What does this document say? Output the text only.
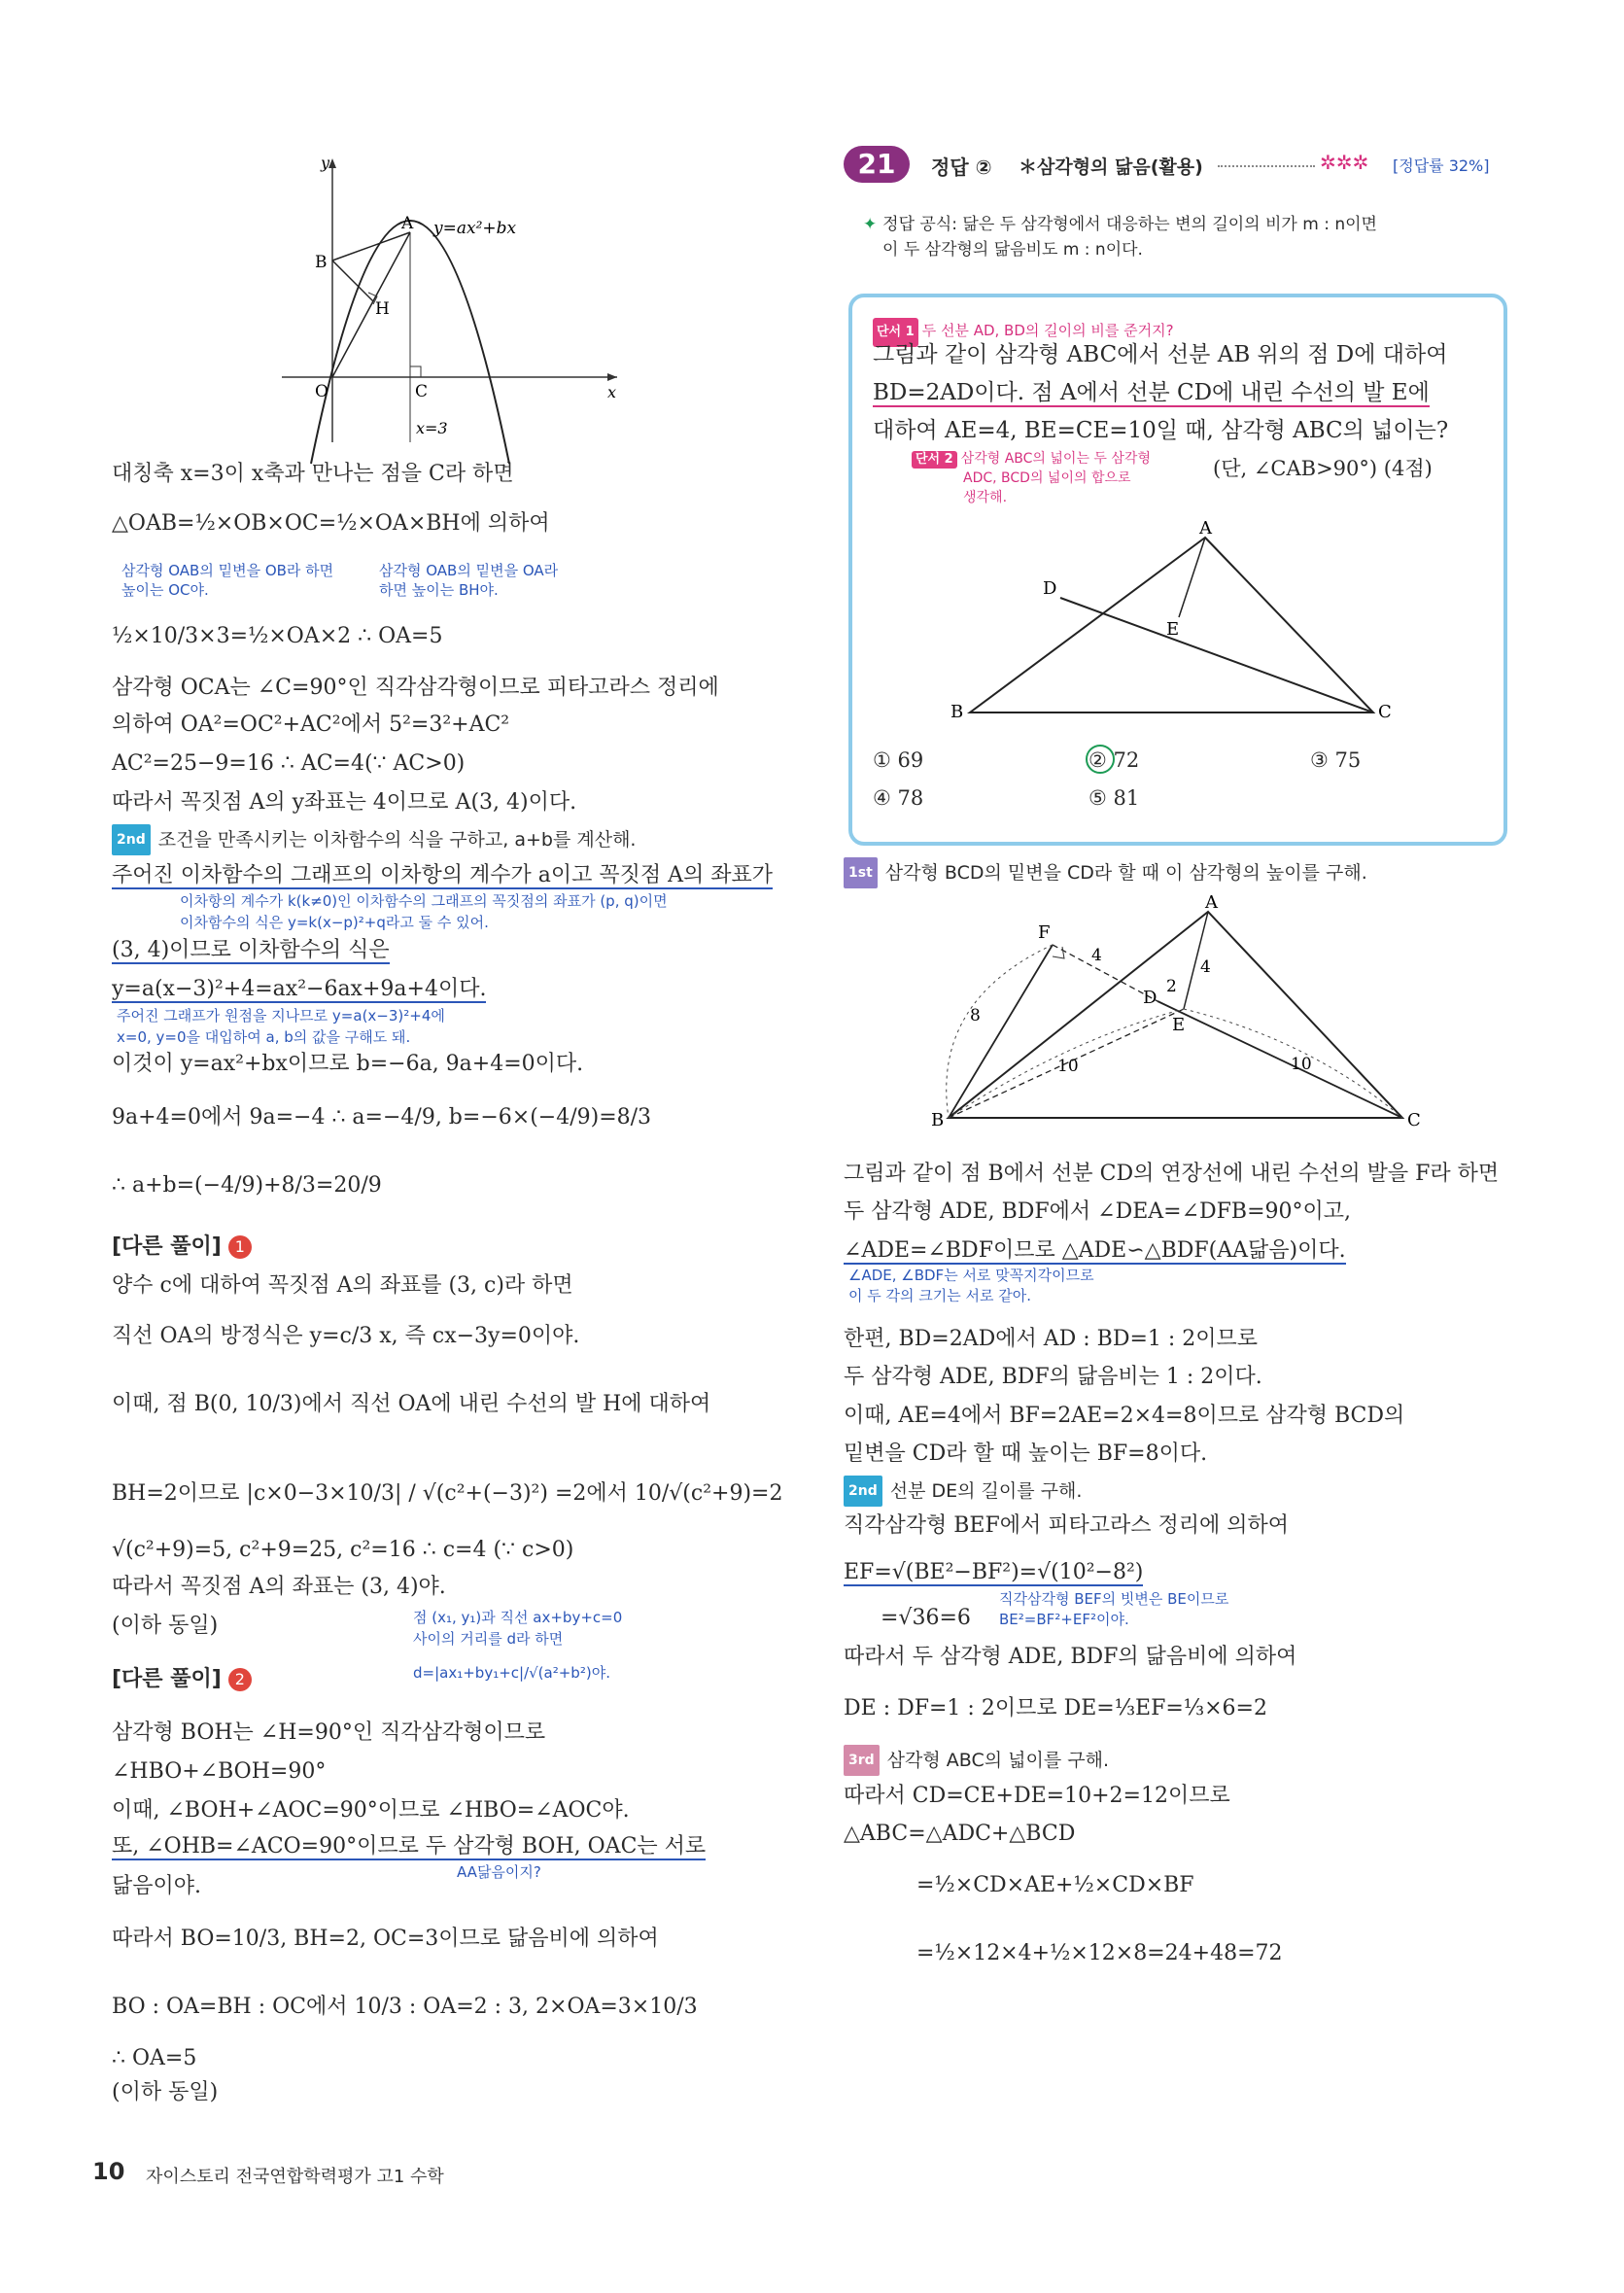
y=ax²+bx
y
x
O
A
B
H
C
x=3
대칭축 x=3이 x축과 만나는 점을 C라 하면
△OAB=½×OB×OC=½×OA×BH에 의하여
삼각형 OAB의 밑변을 OB라 하면
높이는 OC야.
삼각형 OAB의 밑변을 OA라
하면 높이는 BH야.
½×10/3×3=½×OA×2 ∴ OA=5
삼각형 OCA는 ∠C=90°인 직각삼각형이므로 피타고라스 정리에
의하여 OA²=OC²+AC²에서 5²=3²+AC²
AC²=25−9=16 ∴ AC=4(∵ AC>0)
따라서 꼭짓점 A의 y좌표는 4이므로 A(3, 4)이다.
2nd 조건을 만족시키는 이차함수의 식을 구하고, a+b를 계산해.
주어진 이차함수의 그래프의 이차항의 계수가 a이고 꼭짓점 A의 좌표가
이차항의 계수가 k(k≠0)인 이차함수의 그래프의 꼭짓점의 좌표가 (p, q)이면
이차함수의 식은 y=k(x−p)²+q라고 둘 수 있어.
(3, 4)이므로 이차함수의 식은
y=a(x−3)²+4=ax²−6ax+9a+4이다.
주어진 그래프가 원점을 지나므로 y=a(x−3)²+4에
x=0, y=0을 대입하여 a, b의 값을 구해도 돼.
이것이 y=ax²+bx이므로 b=−6a, 9a+4=0이다.
9a+4=0에서 9a=−4 ∴ a=−4/9, b=−6×(−4/9)=8/3
∴ a+b=(−4/9)+8/3=20/9
[다른 풀이] 1
양수 c에 대하여 꼭짓점 A의 좌표를 (3, c)라 하면
직선 OA의 방정식은 y=c/3 x, 즉 cx−3y=0이야.
이때, 점 B(0, 10/3)에서 직선 OA에 내린 수선의 발 H에 대하여
BH=2이므로 |c×0−3×10/3| / √(c²+(−3)²) =2에서 10/√(c²+9)=2
√(c²+9)=5, c²+9=25, c²=16 ∴ c=4 (∵ c>0)
따라서 꼭짓점 A의 좌표는 (3, 4)야.
점 (x₁, y₁)과 직선 ax+by+c=0
사이의 거리를 d라 하면
d=|ax₁+by₁+c|/√(a²+b²)야.
(이하 동일)
[다른 풀이] 2
삼각형 BOH는 ∠H=90°인 직각삼각형이므로
∠HBO+∠BOH=90°
이때, ∠BOH+∠AOC=90°이므로 ∠HBO=∠AOC야.
또, ∠OHB=∠ACO=90°이므로 두 삼각형 BOH, OAC는 서로
AA닮음이지?
닮음이야.
따라서 BO=10/3, BH=2, OC=3이므로 닮음비에 의하여
BO : OA=BH : OC에서 10/3 : OA=2 : 3, 2×OA=3×10/3
∴ OA=5
(이하 동일)
21	정답 ② ＊삼각형의 닮음(활용)	✲✲✲ [정답률 32%]
✦ 정답 공식: 닮은 두 삼각형에서 대응하는 변의 길이의 비가 m : n이면
이 두 삼각형의 닮음비도 m : n이다.
단서 1 두 선분 AD, BD의 길이의 비를 준거지?
그림과 같이 삼각형 ABC에서 선분 AB 위의 점 D에 대하여
BD=2AD이다. 점 A에서 선분 CD에 내린 수선의 발 E에
대하여 AE=4, BE=CE=10일 때, 삼각형 ABC의 넓이는?
단서 2 삼각형 ABC의 넓이는 두 삼각형
ADC, BCD의 넓이의 합으로
생각해.
(단, ∠CAB>90°) (4점)
A
B	C
D
E
① 69	② 72	③ 75
④ 78	⑤ 81
1st 삼각형 BCD의 밑변을 CD라 할 때 이 삼각형의 높이를 구해.
A
B	C
D
E
F
4
4
2
8
10	10
그림과 같이 점 B에서 선분 CD의 연장선에 내린 수선의 발을 F라 하면
두 삼각형 ADE, BDF에서 ∠DEA=∠DFB=90°이고,
∠ADE=∠BDF이므로 △ADE∽△BDF(AA닮음)이다.
∠ADE, ∠BDF는 서로 맞꼭지각이므로
이 두 각의 크기는 서로 같아.
한편, BD=2AD에서 AD : BD=1 : 2이므로
두 삼각형 ADE, BDF의 닮음비는 1 : 2이다.
이때, AE=4에서 BF=2AE=2×4=8이므로 삼각형 BCD의
밑변을 CD라 할 때 높이는 BF=8이다.
2nd 선분 DE의 길이를 구해.
직각삼각형 BEF에서 피타고라스 정리에 의하여
EF=√(BE²−BF²)=√(10²−8²)
직각삼각형 BEF의 빗변은 BE이므로
BE²=BF²+EF²이야.
=√36=6
따라서 두 삼각형 ADE, BDF의 닮음비에 의하여
DE : DF=1 : 2이므로 DE=⅓EF=⅓×6=2
3rd 삼각형 ABC의 넓이를 구해.
따라서 CD=CE+DE=10+2=12이므로
△ABC=△ADC+△BCD
=½×CD×AE+½×CD×BF
=½×12×4+½×12×8=24+48=72
10 자이스토리 전국연합학력평가 고1 수학
